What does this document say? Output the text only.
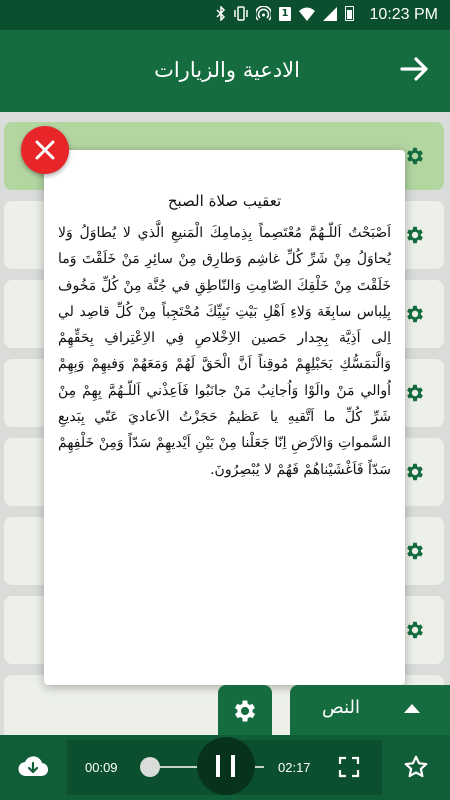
1	10:23 PM
الادعية والزيارات
تعقيب صلاة الصبح
اَصْبَحْتُ اَللّـهُمَّ مُعْتَصِماً بِذِمامِكَ الْمَنيعِ الَّذي لا يُطاوَلُ وَلا يُحاوَلُ مِنْ شَرِّ كُلِّ غاشِم وَطارِق مِنْ سائِرِ مَنْ خَلَقْتَ وَما خَلَقْتَ مِنْ خَلْقِكَ الصّامِتِ وَالنّاطِقِ في جُنَّة مِنْ كُلِّ مَخُوف بِلِباس سابِغَة وَلاءِ اَهْلِ بَيْتِ نَبِيِّكَ مُحْتَجِباً مِنْ كُلِّ قاصِد لي اِلى اَذِيَّة بِجِدار حَصين الاِخْلاصِ فِي الاِعْتِرافِ بِحَقِّهِمْ وَالَّتمَسُّكِ بَحَبْلِهِمْ مُوقِناً اَنَّ الْحَقَّ لَهُمْ وَمَعَهُمْ وَفيهِمْ وَبِهِمْ اُوالي مَنْ والَوْا وَاُجانِبُ مَنْ جانَبُوا فَاَعِذْني اَللّـهُمَّ بِهِمْ مِنْ شَرِّ كُلِّ ما اَتَّقيهِ يا عَظيمُ حَجَزْتُ الاَعاديَ عَنّي بِبَديعِ السَّمواتِ وَالاَرْضِ اِنّا جَعَلْنا مِنْ بَيْنِ اَيْديهِمْ سَدّاً وَمِنْ خَلْفِهِمْ سَدّاً فَاَغْشَيْناهُمْ فَهُمْ لا يُبْصِرُونَ.
النص
00:09	02:17
